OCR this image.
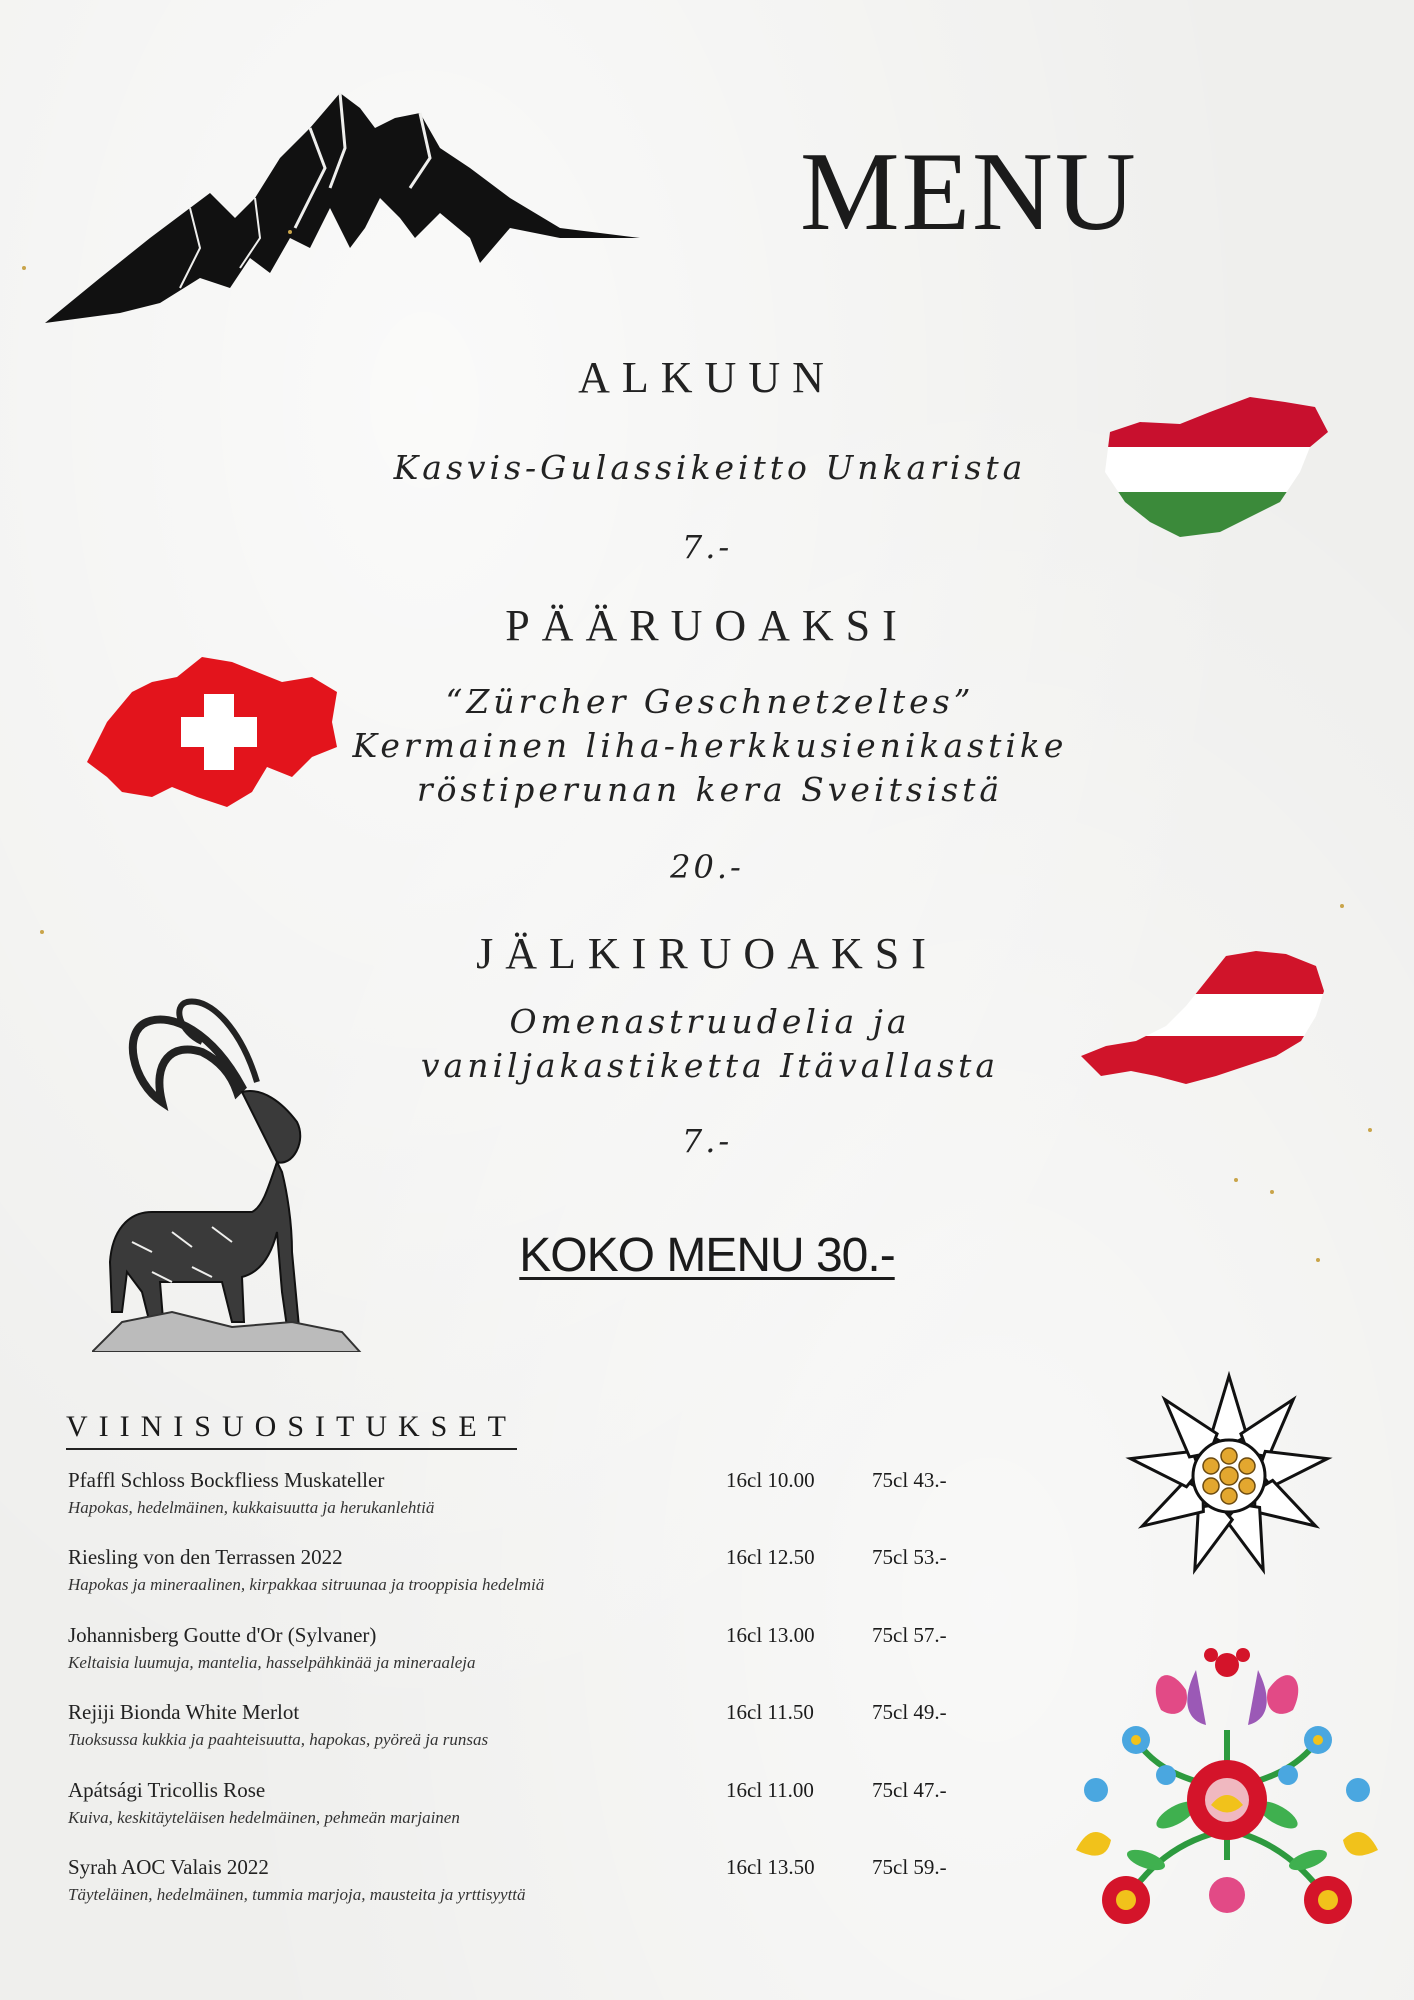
MENU
ALKUUN
Kasvis-Gulassikeitto Unkarista
7.-
PÄÄRUOAKSI
“Zürcher Geschnetzeltes”
Kermainen liha-herkkusienikastike
röstiperunan kera Sveitsistä
20.-
JÄLKIRUOAKSI
Omenastruudelia ja
vaniljakastiketta Itävallasta
7.-
KOKO MENU 30.-
VIINISUOSITUKSET
Pfaffl Schloss Bockfliess Muskateller	16cl 10.00	75cl 43.-
Hapokas, hedelmäinen, kukkaisuutta ja herukanlehtiä
Riesling von den Terrassen 2022	16cl 12.50	75cl 53.-
Hapokas ja mineraalinen, kirpakkaa sitruunaa ja trooppisia hedelmiä
Johannisberg Goutte d'Or (Sylvaner)	16cl 13.00	75cl 57.-
Keltaisia luumuja, manteliа, hasselpähkinää ja mineraaleja
Rejiji Bionda White Merlot	16cl 11.50	75cl 49.-
Tuoksussa kukkia ja paahteisuutta, hapokas, pyöreä ja runsas
Apátsági Tricollis Rose	16cl 11.00	75cl 47.-
Kuiva, keskitäyteläisen hedelmäinen, pehmeän marjainen
Syrah AOC Valais 2022	16cl 13.50	75cl 59.-
Täyteläinen, hedelmäinen, tummia marjoja, mausteita ja yrttisyyttä
